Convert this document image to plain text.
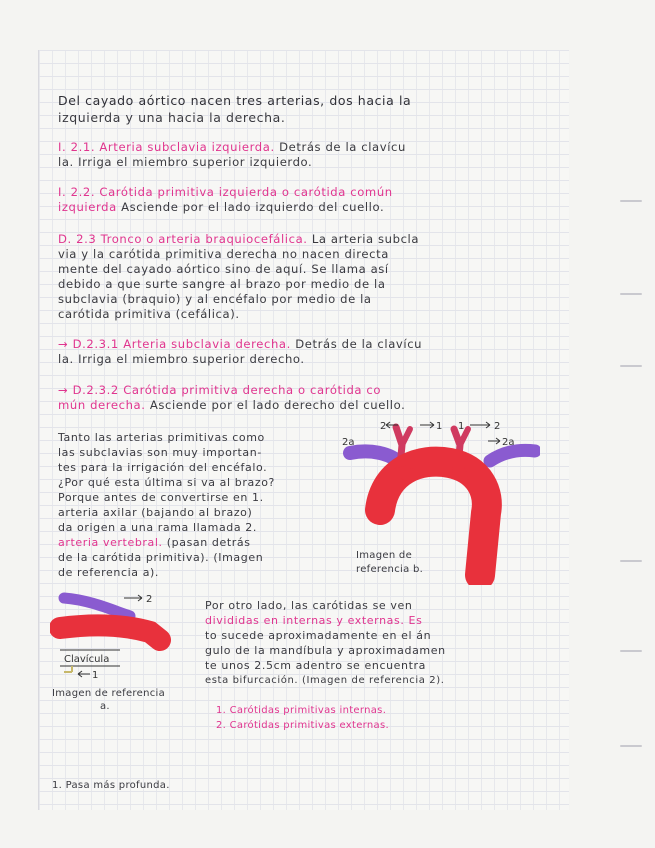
Del cayado aórtico nacen tres arterias, dos hacia la
izquierda y una hacia la derecha.
I. 2.1. Arteria subclavia izquierda. Detrás de la clavícu
la. Irriga el miembro superior izquierdo.
I. 2.2. Carótida primitiva izquierda o carótida común
izquierda Asciende por el lado izquierdo del cuello.
D. 2.3 Tronco o arteria braquiocefálica. La arteria subcla
via y la carótida primitiva derecha no nacen directa
mente del cayado aórtico sino de aquí. Se llama así
debido a que surte sangre al brazo por medio de la
subclavia (braquio) y al encéfalo por medio de la
carótida primitiva (cefálica).
→ D.2.3.1 Arteria subclavia derecha. Detrás de la clavícu
la. Irriga el miembro superior derecho.
→ D.2.3.2 Carótida primitiva derecha o carótida co
mún derecha. Asciende por el lado derecho del cuello.
Tanto las arterias primitivas como
las subclavias son muy importan-
tes para la irrigación del encéfalo.
¿Por qué esta última si va al brazo?
Porque antes de convertirse en 1.
arteria axilar (bajando al brazo)
da origen a una rama llamada 2.
arteria vertebral. (pasan detrás
de la carótida primitiva). (Imagen
de referencia a).
2	1 1	2
2a	2a
Imagen de
referencia b.
2
1
Clavícula
Imagen de referencia
a.
Por otro lado, las carótidas se ven
divididas en internas y externas. Es
to sucede aproximadamente en el án
gulo de la mandíbula y aproximadamen
te unos 2.5cm adentro se encuentra
esta bifurcación. (Imagen de referencia 2).
1. Carótidas primitivas internas.
2. Carótidas primitivas externas.
1. Pasa más profunda.
